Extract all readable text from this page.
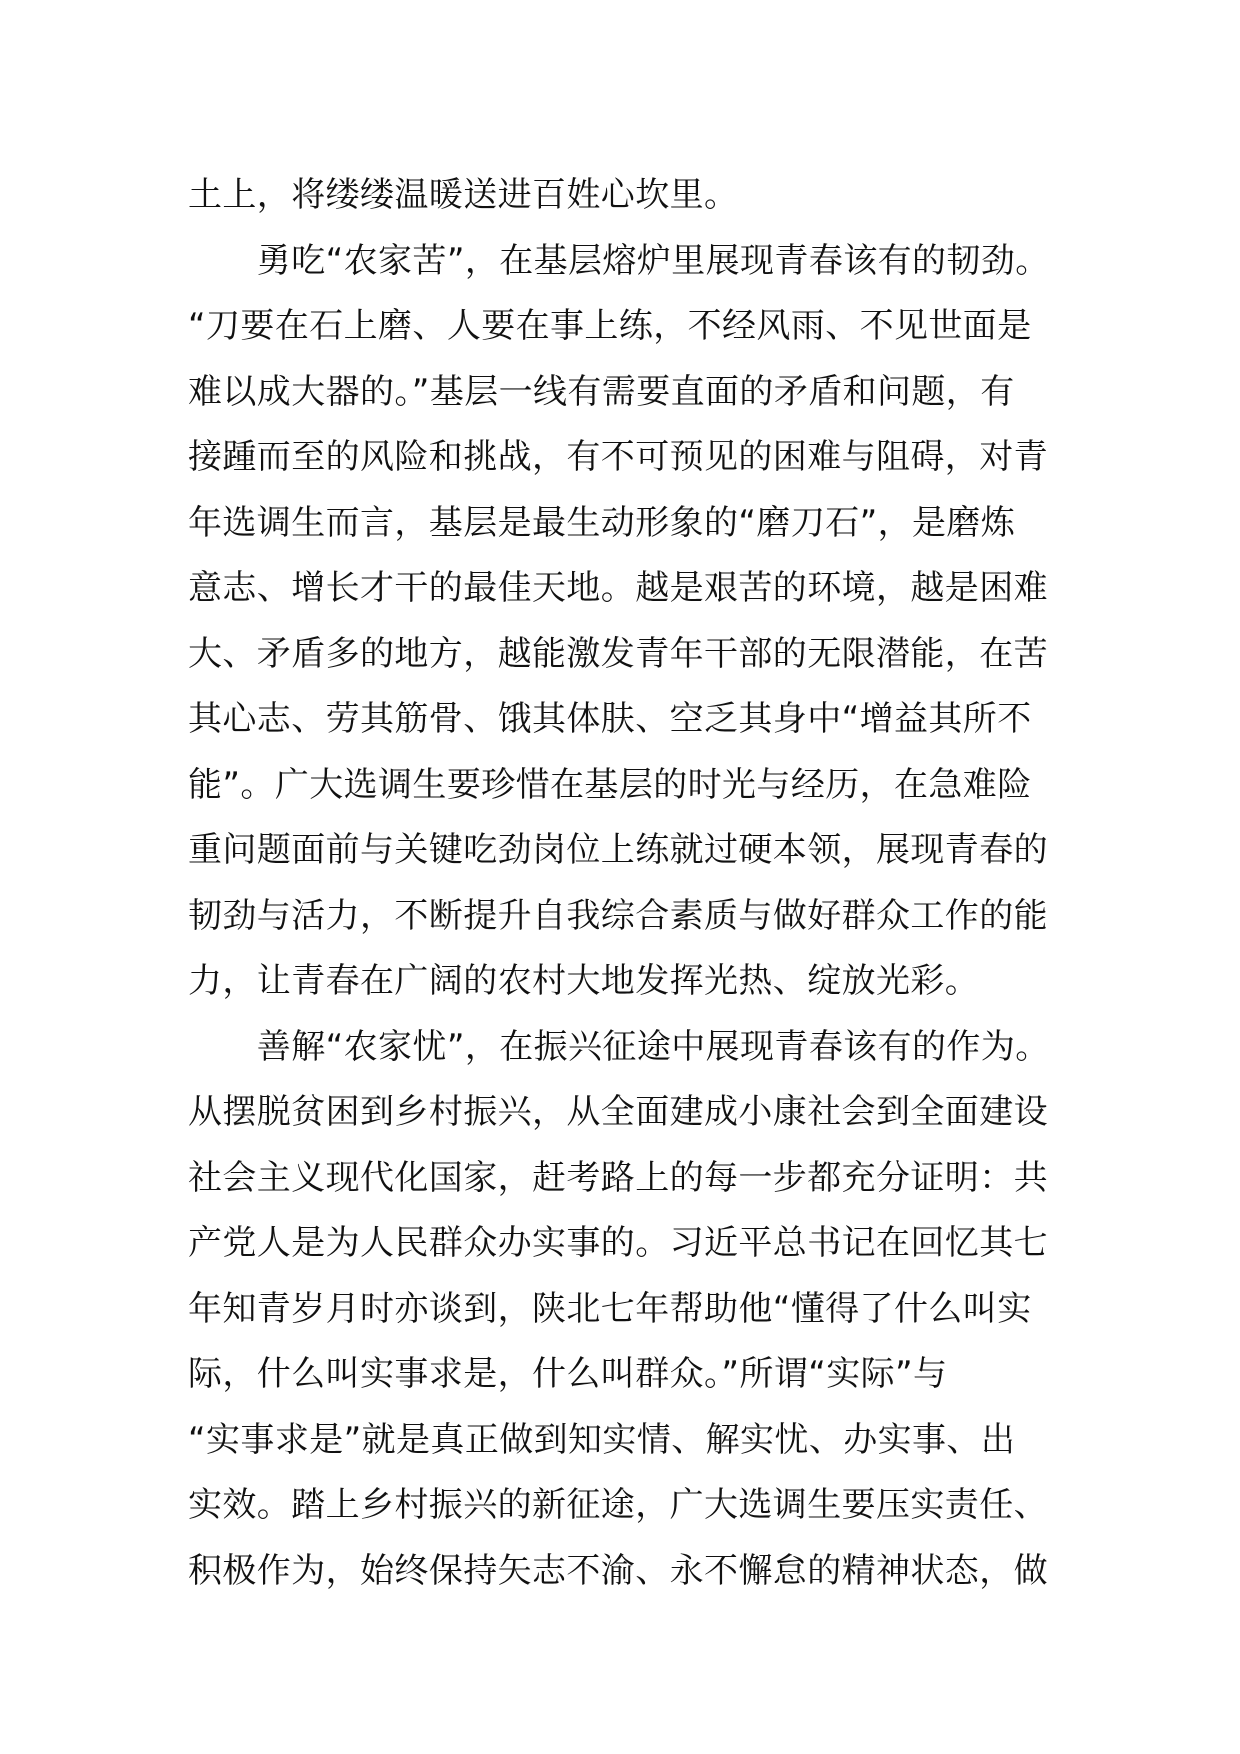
土上，将缕缕温暖送进百姓心坎里。
　　勇吃“农家苦”，在基层熔炉里展现青春该有的韧劲。
“刀要在石上磨、人要在事上练，不经风雨、不见世面是
难以成大器的。”基层一线有需要直面的矛盾和问题，有
接踵而至的风险和挑战，有不可预见的困难与阻碍，对青
年选调生而言，基层是最生动形象的“磨刀石”，是磨炼
意志、增长才干的最佳天地。越是艰苦的环境，越是困难
大、矛盾多的地方，越能激发青年干部的无限潜能，在苦
其心志、劳其筋骨、饿其体肤、空乏其身中“增益其所不
能”。广大选调生要珍惜在基层的时光与经历，在急难险
重问题面前与关键吃劲岗位上练就过硬本领，展现青春的
韧劲与活力，不断提升自我综合素质与做好群众工作的能
力，让青春在广阔的农村大地发挥光热、绽放光彩。
　　善解“农家忧”，在振兴征途中展现青春该有的作为。
从摆脱贫困到乡村振兴，从全面建成小康社会到全面建设
社会主义现代化国家，赶考路上的每一步都充分证明：共
产党人是为人民群众办实事的。习近平总书记在回忆其七
年知青岁月时亦谈到，陕北七年帮助他“懂得了什么叫实
际，什么叫实事求是，什么叫群众。”所谓“实际”与
“实事求是”就是真正做到知实情、解实忧、办实事、出
实效。踏上乡村振兴的新征途，广大选调生要压实责任、
积极作为，始终保持矢志不渝、永不懈怠的精神状态，做
